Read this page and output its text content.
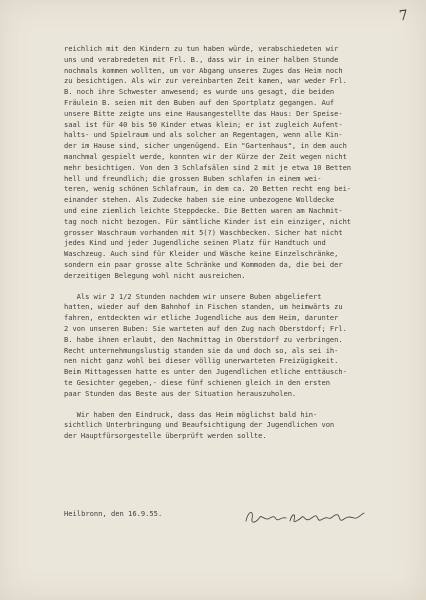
7
reichlich mit den Kindern zu tun haben würde, verabschiedeten wir
uns und verabredeten mit Frl. B., dass wir in einer halben Stunde
nochmals kommen wollten, um vor Abgang unseres Zuges das Heim noch
zu besichtigen. Als wir zur vereinbarten Zeit kamen, war weder Frl.
B. noch ihre Schwester anwesend; es wurde uns gesagt, die beiden
Fräulein B. seien mit den Buben auf den Sportplatz gegangen. Auf
unsere Bitte zeigte uns eine Hausangestellte das Haus: Der Speise-
saal ist für 40 bis 50 Kinder etwas klein; er ist zugleich Aufent-
halts- und Spielraum und als solcher an Regentagen, wenn alle Kin-
der im Hause sind, sicher ungenügend. Ein "Gartenhaus", in dem auch
manchmal gespielt werde, konnten wir der Kürze der Zeit wegen nicht
mehr besichtigen. Von den 3 Schlafsälen sind 2 mit je etwa 10 Betten
hell und freundlich; die grossen Buben schlafen in einem wei-
teren, wenig schönen Schlafraum, in dem ca. 20 Betten recht eng bei-
einander stehen. Als Zudecke haben sie eine unbezogene Wolldecke
und eine ziemlich leichte Steppdecke. Die Betten waren am Nachmit-
tag noch nicht bezogen. Für sämtliche Kinder ist ein einziger, nicht
grosser Waschraum vorhanden mit 5(?) Waschbecken. Sicher hat nicht
jedes Kind und jeder Jugendliche seinen Platz für Handtuch und
Waschzeug. Auch sind für Kleider und Wäsche keine Einzelschränke,
sondern ein paar grosse alte Schränke und Kommoden da, die bei der
derzeitigen Belegung wohl nicht ausreichen.
Als wir 2 1/2 Stunden nachdem wir unsere Buben abgeliefert
hatten, wieder auf dem Bahnhof in Fischen standen, um heimwärts zu
fahren, entdeckten wir etliche Jugendliche aus dem Heim, darunter
2 von unseren Buben: Sie warteten auf den Zug nach Oberstdorf; Frl.
B. habe ihnen erlaubt, den Nachmittag in Oberstdorf zu verbringen.
Recht unternehmungslustig standen sie da und doch so, als sei ih-
nen nicht ganz wohl bei dieser völlig unerwarteten Freizügigkeit.
Beim Mittagessen hatte es unter den Jugendlichen etliche enttäusch-
te Gesichter gegeben,- diese fünf schienen gleich in den ersten
paar Stunden das Beste aus der Situation herauszuholen.
Wir haben den Eindruck, dass das Heim möglichst bald hin-
sichtlich Unterbringung und Beaufsichtigung der Jugendlichen von
der Hauptfürsorgestelle überprüft werden sollte.
Heilbronn, den 16.9.55.
